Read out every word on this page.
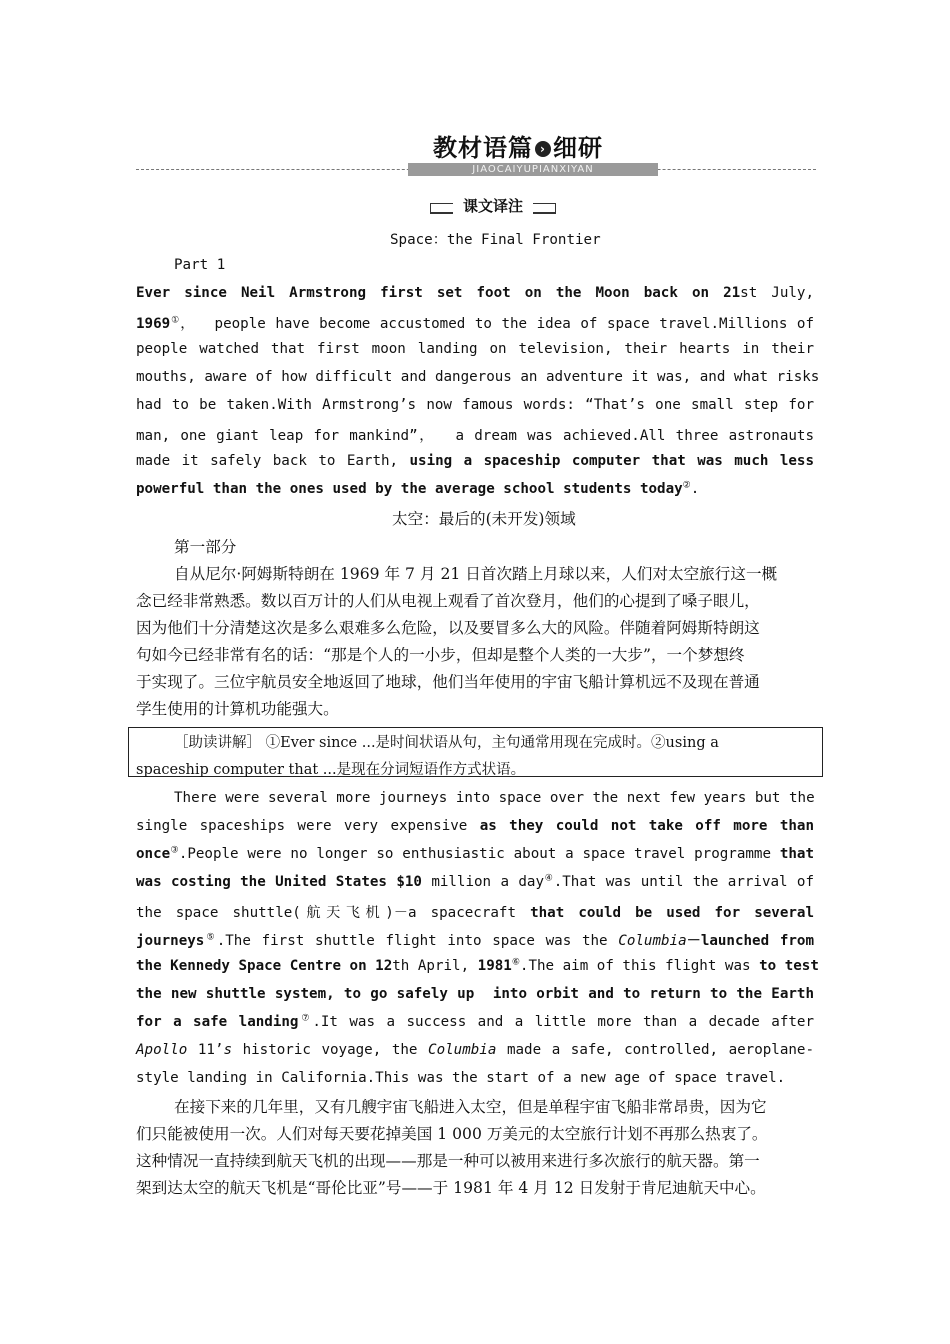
教材语篇 › 细研
JIAOCAIYUPIANXIYAN
课文译注
Space：the Final Frontier
Part 1
Ever since Neil Armstrong first set foot on the Moon back on 21st July,
1969①，  people have become accustomed to the idea of space travel.Millions of
people watched that first moon landing on television, their hearts in their
mouths, aware of how difficult and dangerous an adventure it was, and what risks
had to be taken.With Armstrong’s now famous words: “That’s one small step for
man, one giant leap for mankind”，  a dream was achieved.All three astronauts
made it safely back to Earth, using a spaceship computer that was much less
powerful than the ones used by the average school students today②.
太空：最后的(未开发)领域
第一部分
自从尼尔·阿姆斯特朗在 1969 年 7 月 21 日首次踏上月球以来，人们对太空旅行这一概
念已经非常熟悉。数以百万计的人们从电视上观看了首次登月，他们的心提到了嗓子眼儿，
因为他们十分清楚这次是多么艰难多么危险，以及要冒多么大的风险。伴随着阿姆斯特朗这
句如今已经非常有名的话：“那是个人的一小步，但却是整个人类的一大步”，一个梦想终
于实现了。三位宇航员安全地返回了地球，他们当年使用的宇宙飞船计算机远不及现在普通
学生使用的计算机功能强大。
［助读讲解］ ①Ever since ...是时间状语从句，主句通常用现在完成时。②using a
spaceship computer that ...是现在分词短语作方式状语。
There were several more journeys into space over the next few years but the
single spaceships were very expensive as they could not take off more than
once③.People were no longer so enthusiastic about a space travel programme that
was costing the United States $10 million a day④.That was until the arrival of
the space shuttle(航天飞机)－a spacecraft that could be used for several
journeys⑤.The first shuttle flight into space was the Columbia－launched from
the Kennedy Space Centre on 12th April, 1981⑥.The aim of this flight was to test
the new shuttle system, to go safely up  into orbit and to return to the Earth
for a safe landing⑦.It was a success and a little more than a decade after
Apollo 11’s historic voyage, the Columbia made a safe, controlled, aeroplane-
style landing in California.This was the start of a new age of space travel.
在接下来的几年里，又有几艘宇宙飞船进入太空，但是单程宇宙飞船非常昂贵，因为它
们只能被使用一次。人们对每天要花掉美国 1 000 万美元的太空旅行计划不再那么热衷了。
这种情况一直持续到航天飞机的出现——那是一种可以被用来进行多次旅行的航天器。第一
架到达太空的航天飞机是“哥伦比亚”号——于 1981 年 4 月 12 日发射于肯尼迪航天中心。
